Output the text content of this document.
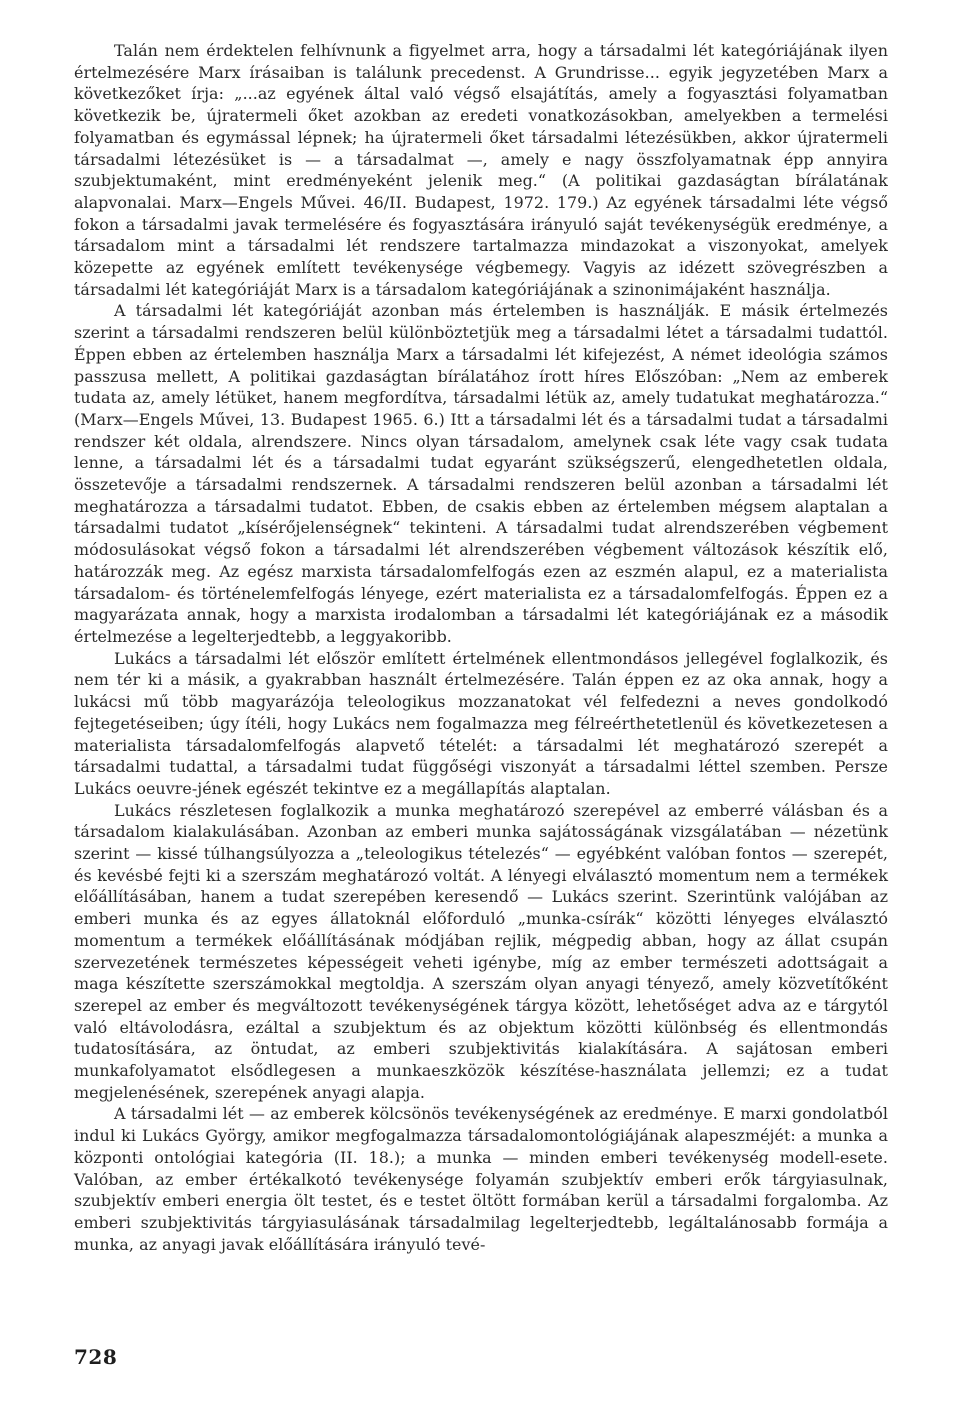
Talán nem érdektelen felhívnunk a figyelmet arra, hogy a társadalmi lét kategóriájának ilyen értelmezésére Marx írásaiban is találunk precedenst. A Grundrisse... egyik jegyzetében Marx a következőket írja: „...az egyének által való végső elsajátítás, amely a fogyasztási folyamatban következik be, újratermeli őket azokban az eredeti vonatkozásokban, amelyekben a termelési folyamatban és egymással lépnek; ha újratermeli őket társadalmi létezésükben, akkor újratermeli társadalmi létezésüket is — a társadalmat —, amely e nagy összfolyamatnak épp annyira szubjektumaként, mint eredményeként jelenik meg.“ (A politikai gazdaságtan bírálatának alapvonalai. Marx—Engels Művei. 46/II. Budapest, 1972. 179.) Az egyének társadalmi léte végső fokon a társadalmi javak termelésére és fogyasztására irányuló saját tevékenységük eredménye, a társadalom mint a társadalmi lét rendszere tartalmazza mindazokat a viszonyokat, amelyek közepette az egyének említett tevékenysége végbemegy. Vagyis az idézett szövegrészben a társadalmi lét kategóriáját Marx is a társadalom kategóriájának a szinonimájaként használja.

A társadalmi lét kategóriáját azonban más értelemben is használják. E másik értelmezés szerint a társadalmi rendszeren belül különböztetjük meg a társadalmi létet a társadalmi tudattól. Éppen ebben az értelemben használja Marx a társadalmi lét kifejezést, A német ideológia számos passzusa mellett, A politikai gazdaságtan bírálatához írott híres Előszóban: „Nem az emberek tudata az, amely létüket, hanem megfordítva, társadalmi létük az, amely tudatukat meghatározza.“ (Marx—Engels Művei, 13. Budapest 1965. 6.) Itt a társadalmi lét és a társadalmi tudat a társadalmi rendszer két oldala, alrendszere. Nincs olyan társadalom, amelynek csak léte vagy csak tudata lenne, a társadalmi lét és a társadalmi tudat egyaránt szükségszerű, elengedhetetlen oldala, összetevője a társadalmi rendszernek. A társadalmi rendszeren belül azonban a társadalmi lét meghatározza a társadalmi tudatot. Ebben, de csakis ebben az értelemben mégsem alaptalan a társadalmi tudatot „kísérőjelenségnek“ tekinteni. A társadalmi tudat alrendszerében végbement módosulásokat végső fokon a társadalmi lét alrendszerében végbement változások készítik elő, határozzák meg. Az egész marxista társadalomfelfogás ezen az eszmén alapul, ez a materialista társadalom- és történelemfelfogás lényege, ezért materialista ez a társadalomfelfogás. Éppen ez a magyarázata annak, hogy a marxista irodalomban a társadalmi lét kategóriájának ez a második értelmezése a legelterjedtebb, a leggyakoribb.

Lukács a társadalmi lét először említett értelmének ellentmondásos jellegével foglalkozik, és nem tér ki a másik, a gyakrabban használt értelmezésére. Talán éppen ez az oka annak, hogy a lukácsi mű több magyarázója teleologikus mozzanatokat vél felfedezni a neves gondolkodó fejtegetéseiben; úgy ítéli, hogy Lukács nem fogalmazza meg félreérthetetlenül és következetesen a materialista társadalomfelfogás alapvető tételét: a társadalmi lét meghatározó szerepét a társadalmi tudattal, a társadalmi tudat függőségi viszonyát a társadalmi léttel szemben. Persze Lukács oeuvre-jének egészét tekintve ez a megállapítás alaptalan.

Lukács részletesen foglalkozik a munka meghatározó szerepével az emberré válásban és a társadalom kialakulásában. Azonban az emberi munka sajátosságának vizsgálatában — nézetünk szerint — kissé túlhangsúlyozza a „teleologikus tételezés“ — egyébként valóban fontos — szerepét, és kevésbé fejti ki a szerszám meghatározó voltát. A lényegi elválasztó momentum nem a termékek előállításában, hanem a tudat szerepében keresendő — Lukács szerint. Szerintünk valójában az emberi munka és az egyes állatoknál előforduló „munka-csírák“ közötti lényeges elválasztó momentum a termékek előállításának módjában rejlik, mégpedig abban, hogy az állat csupán szervezetének természetes képességeit veheti igénybe, míg az ember természeti adottságait a maga készítette szerszámokkal megtoldja. A szerszám olyan anyagi tényező, amely közvetítőként szerepel az ember és megváltozott tevékenységének tárgya között, lehetőséget adva az e tárgytól való eltávolodásra, ezáltal a szubjektum és az objektum közötti különbség és ellentmondás tudatosítására, az öntudat, az emberi szubjektivitás kialakítására. A sajátosan emberi munkafolyamatot elsődlegesen a munkaeszközök készítése-használata jellemzi; ez a tudat megjelenésének, szerepének anyagi alapja.

A társadalmi lét — az emberek kölcsönös tevékenységének az eredménye. E marxi gondolatból indul ki Lukács György, amikor megfogalmazza társadalomontológiájának alapeszméjét: a munka a központi ontológiai kategória (II. 18.); a munka — minden emberi tevékenység modell-esete. Valóban, az ember értékalkotó tevékenysége folyamán szubjektív emberi erők tárgyiasulnak, szubjektív emberi energia ölt testet, és e testet öltött formában kerül a társadalmi forgalomba. Az emberi szubjektivitás tárgyiasulásának társadalmilag legelterjedtebb, legáltalánosabb formája a munka, az anyagi javak előállítására irányuló tevé-

728
